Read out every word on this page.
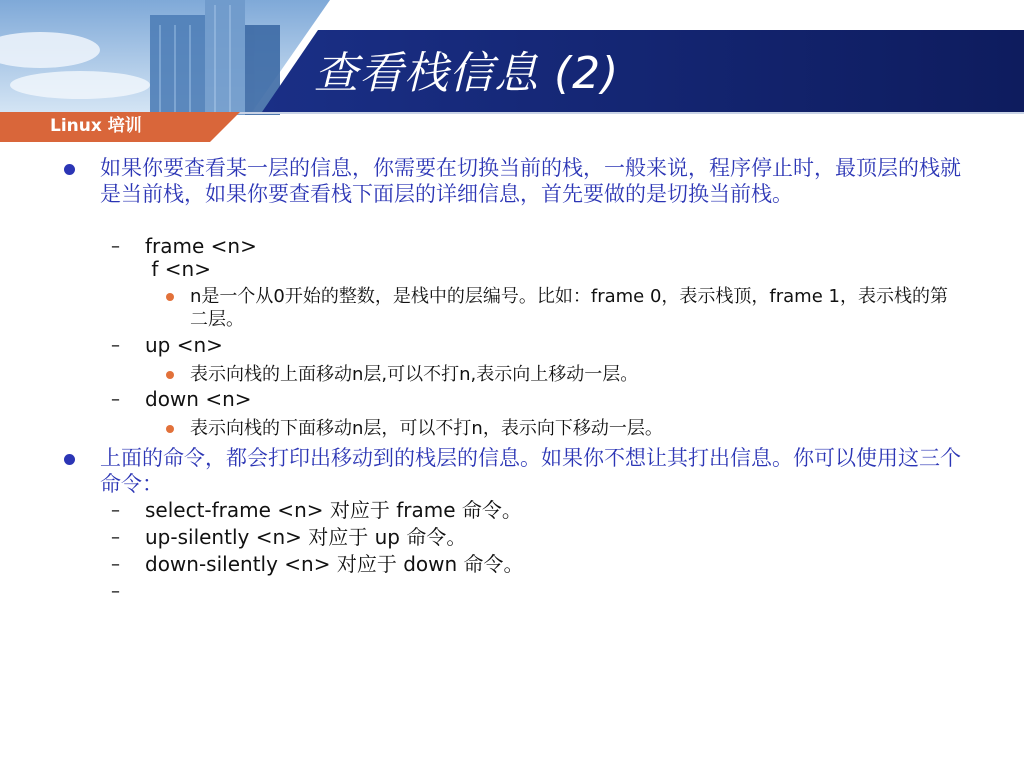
查看栈信息 (2)
Linux 培训
如果你要查看某一层的信息，你需要在切换当前的栈，一般来说，程序停止时，最顶层的栈就是当前栈，如果你要查看栈下面层的详细信息，首先要做的是切换当前栈。
– frame <n>
f <n>
n是一个从0开始的整数，是栈中的层编号。比如：frame 0，表示栈顶，frame 1，表示栈的第二层。
– up <n>
表示向栈的上面移动n层,可以不打n,表示向上移动一层。
– down <n>
表示向栈的下面移动n层，可以不打n，表示向下移动一层。
上面的命令，都会打印出移动到的栈层的信息。如果你不想让其打出信息。你可以使用这三个命令：
– select-frame <n> 对应于 frame 命令。
– up-silently <n> 对应于 up 命令。
– down-silently <n> 对应于 down 命令。
–
